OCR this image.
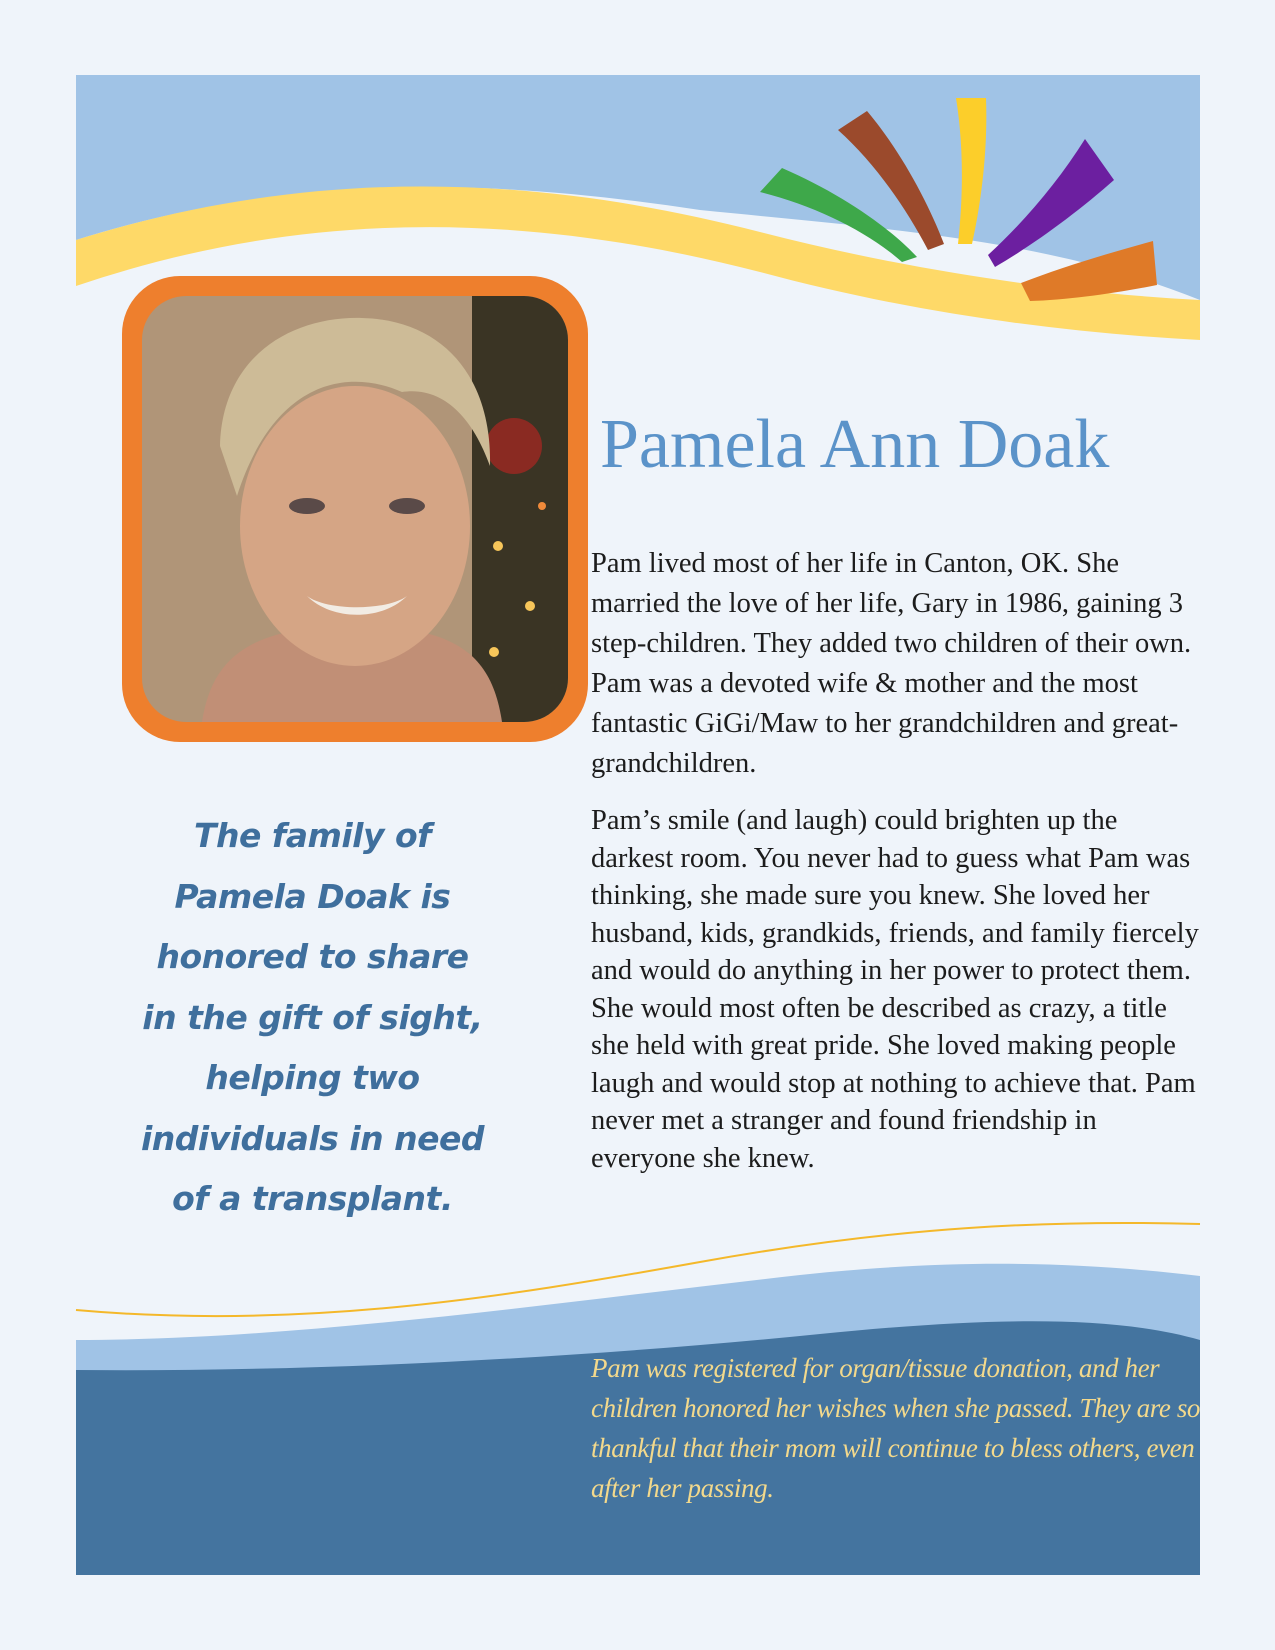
Pamela Ann Doak

Pam lived most of her life in Canton, OK. She married the love of her life, Gary in 1986, gaining 3 step-children. They added two children of their own. Pam was a devoted wife & mother and the most fantastic GiGi/Maw to her grandchildren and great-grandchildren.

Pam’s smile (and laugh) could brighten up the darkest room. You never had to guess what Pam was thinking, she made sure you knew. She loved her husband, kids, grandkids, friends, and family fiercely and would do anything in her power to protect them. She would most often be described as crazy, a title she held with great pride. She loved making people laugh and would stop at nothing to achieve that. Pam never met a stranger and found friendship in everyone she knew.

The family of Pamela Doak is honored to share in the gift of sight, helping two individuals in need of a transplant.

Pam was registered for organ/tissue donation, and her children honored her wishes when she passed. They are so thankful that their mom will continue to bless others, even after her passing.
